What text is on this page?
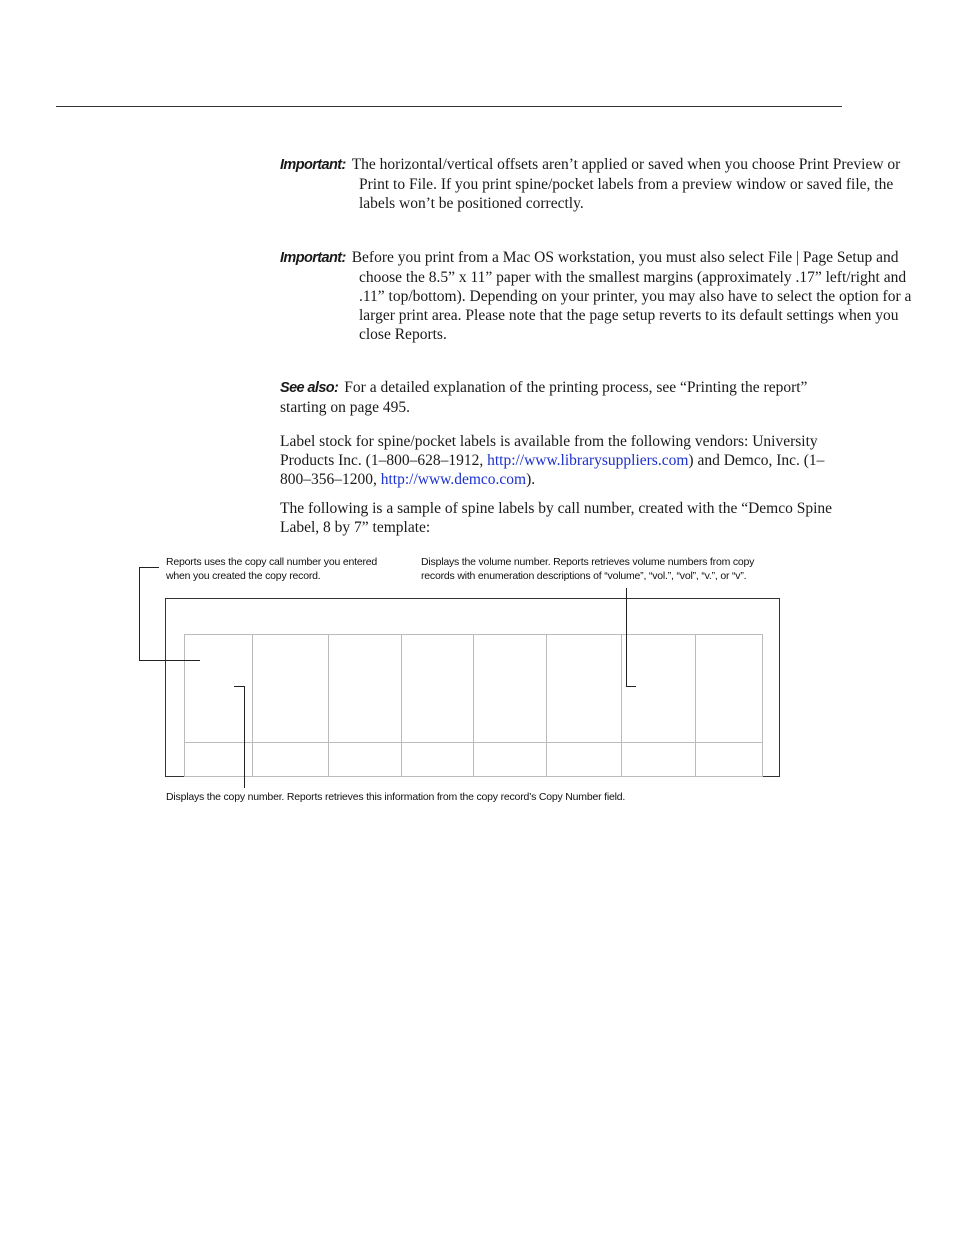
Important: The horizontal/vertical offsets aren’t applied or saved when you choose Print Preview or Print to File. If you print spine/pocket labels from a preview window or saved file, the labels won’t be positioned correctly.
Important: Before you print from a Mac OS workstation, you must also select File | Page Setup and choose the 8.5” x 11” paper with the smallest margins (approximately .17” left/right and .11” top/bottom). Depending on your printer, you may also have to select the option for a larger print area. Please note that the page setup reverts to its default settings when you close Reports.
See also: For a detailed explanation of the printing process, see “Printing the report” starting on page 495.
Label stock for spine/pocket labels is available from the following vendors: University Products Inc. (1–800–628–1912, http://www.librarysuppliers.com) and Demco, Inc. (1–800–356–1200, http://www.demco.com).
The following is a sample of spine labels by call number, created with the “Demco Spine Label, 8 by 7” template:
Reports uses the copy call number you entered when you created the copy record.
Displays the volume number. Reports retrieves volume numbers from copy records with enumeration descriptions of “volume”, “vol.”, “vol”, “v.”, or “v”.
Displays the copy number. Reports retrieves this information from the copy record’s Copy Number field.
